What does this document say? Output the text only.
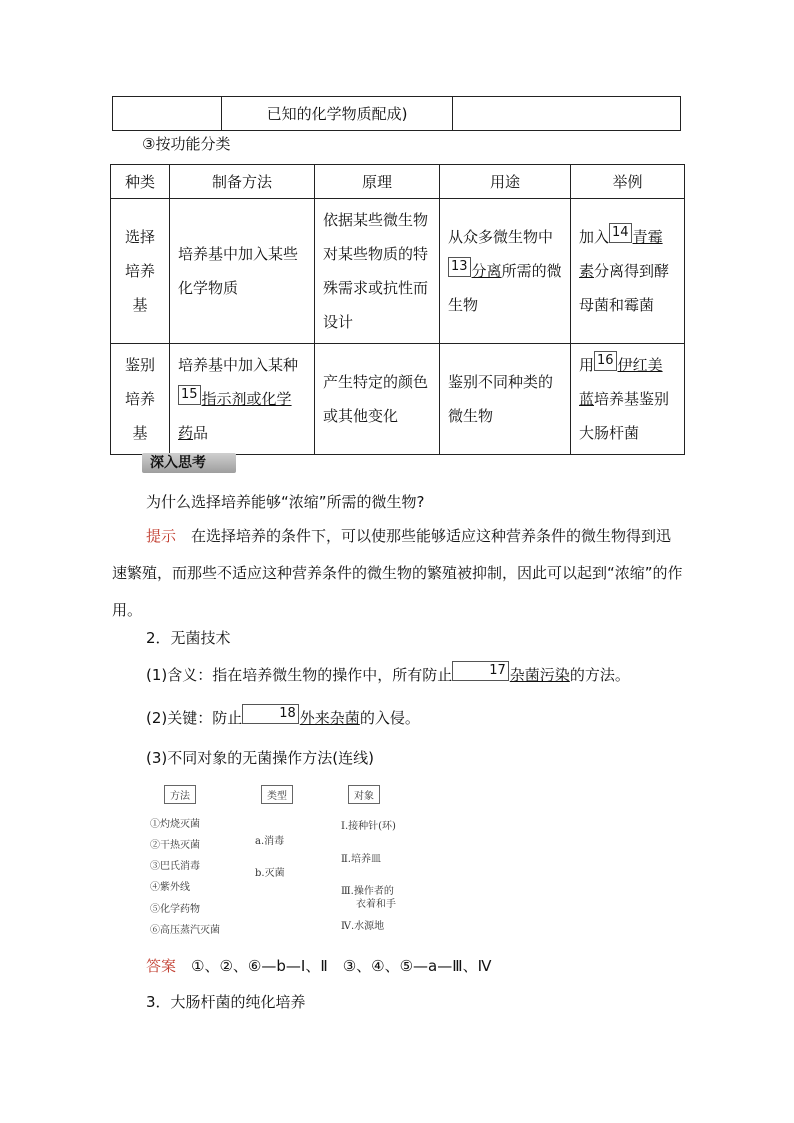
	已知的化学物质配成)	
③按功能分类
种类	制备方法	原理	用途	举例

选择培养基	培养基中加入某些化学物质	依据某些微生物对某些物质的特殊需求或抗性而设计	从众多微生物中13 分离所需的微生物	加入 14 青霉素分离得到酵母菌和霉菌

鉴别培养基	培养基中加入某种15 指示剂或化学药品	产生特定的颜色或其他变化	鉴别不同种类的微生物	用 16 伊红美蓝培养基鉴别大肠杆菌
深入思考
为什么选择培养能够“浓缩”所需的微生物?
提示　 在选择培养的条件下，可以使那些能够适应这种营养条件的微生物得到迅速繁殖，而那些不适应这种营养条件的微生物的繁殖被抑制，因此可以起到“浓缩”的作用。
2．无菌技术
(1)含义：指在培养微生物的操作中，所有防止	17 杂菌污染的方法。
(2)关键：防止	18 外来杂菌的入侵。
(3)不同对象的无菌操作方法(连线)
方法	类型	对象
①灼烧灭菌
②干热灭菌
③巴氏消毒
④紫外线
⑤化学药物
⑥高压蒸汽灭菌
a.消毒
b.灭菌
Ⅰ.接种针(环)
Ⅱ.培养皿
Ⅲ.操作者的
衣着和手
Ⅳ.水源地
答案　 ①、②、⑥—b—Ⅰ、Ⅱ　③、④、⑤—a—Ⅲ、Ⅳ
3．大肠杆菌的纯化培养
